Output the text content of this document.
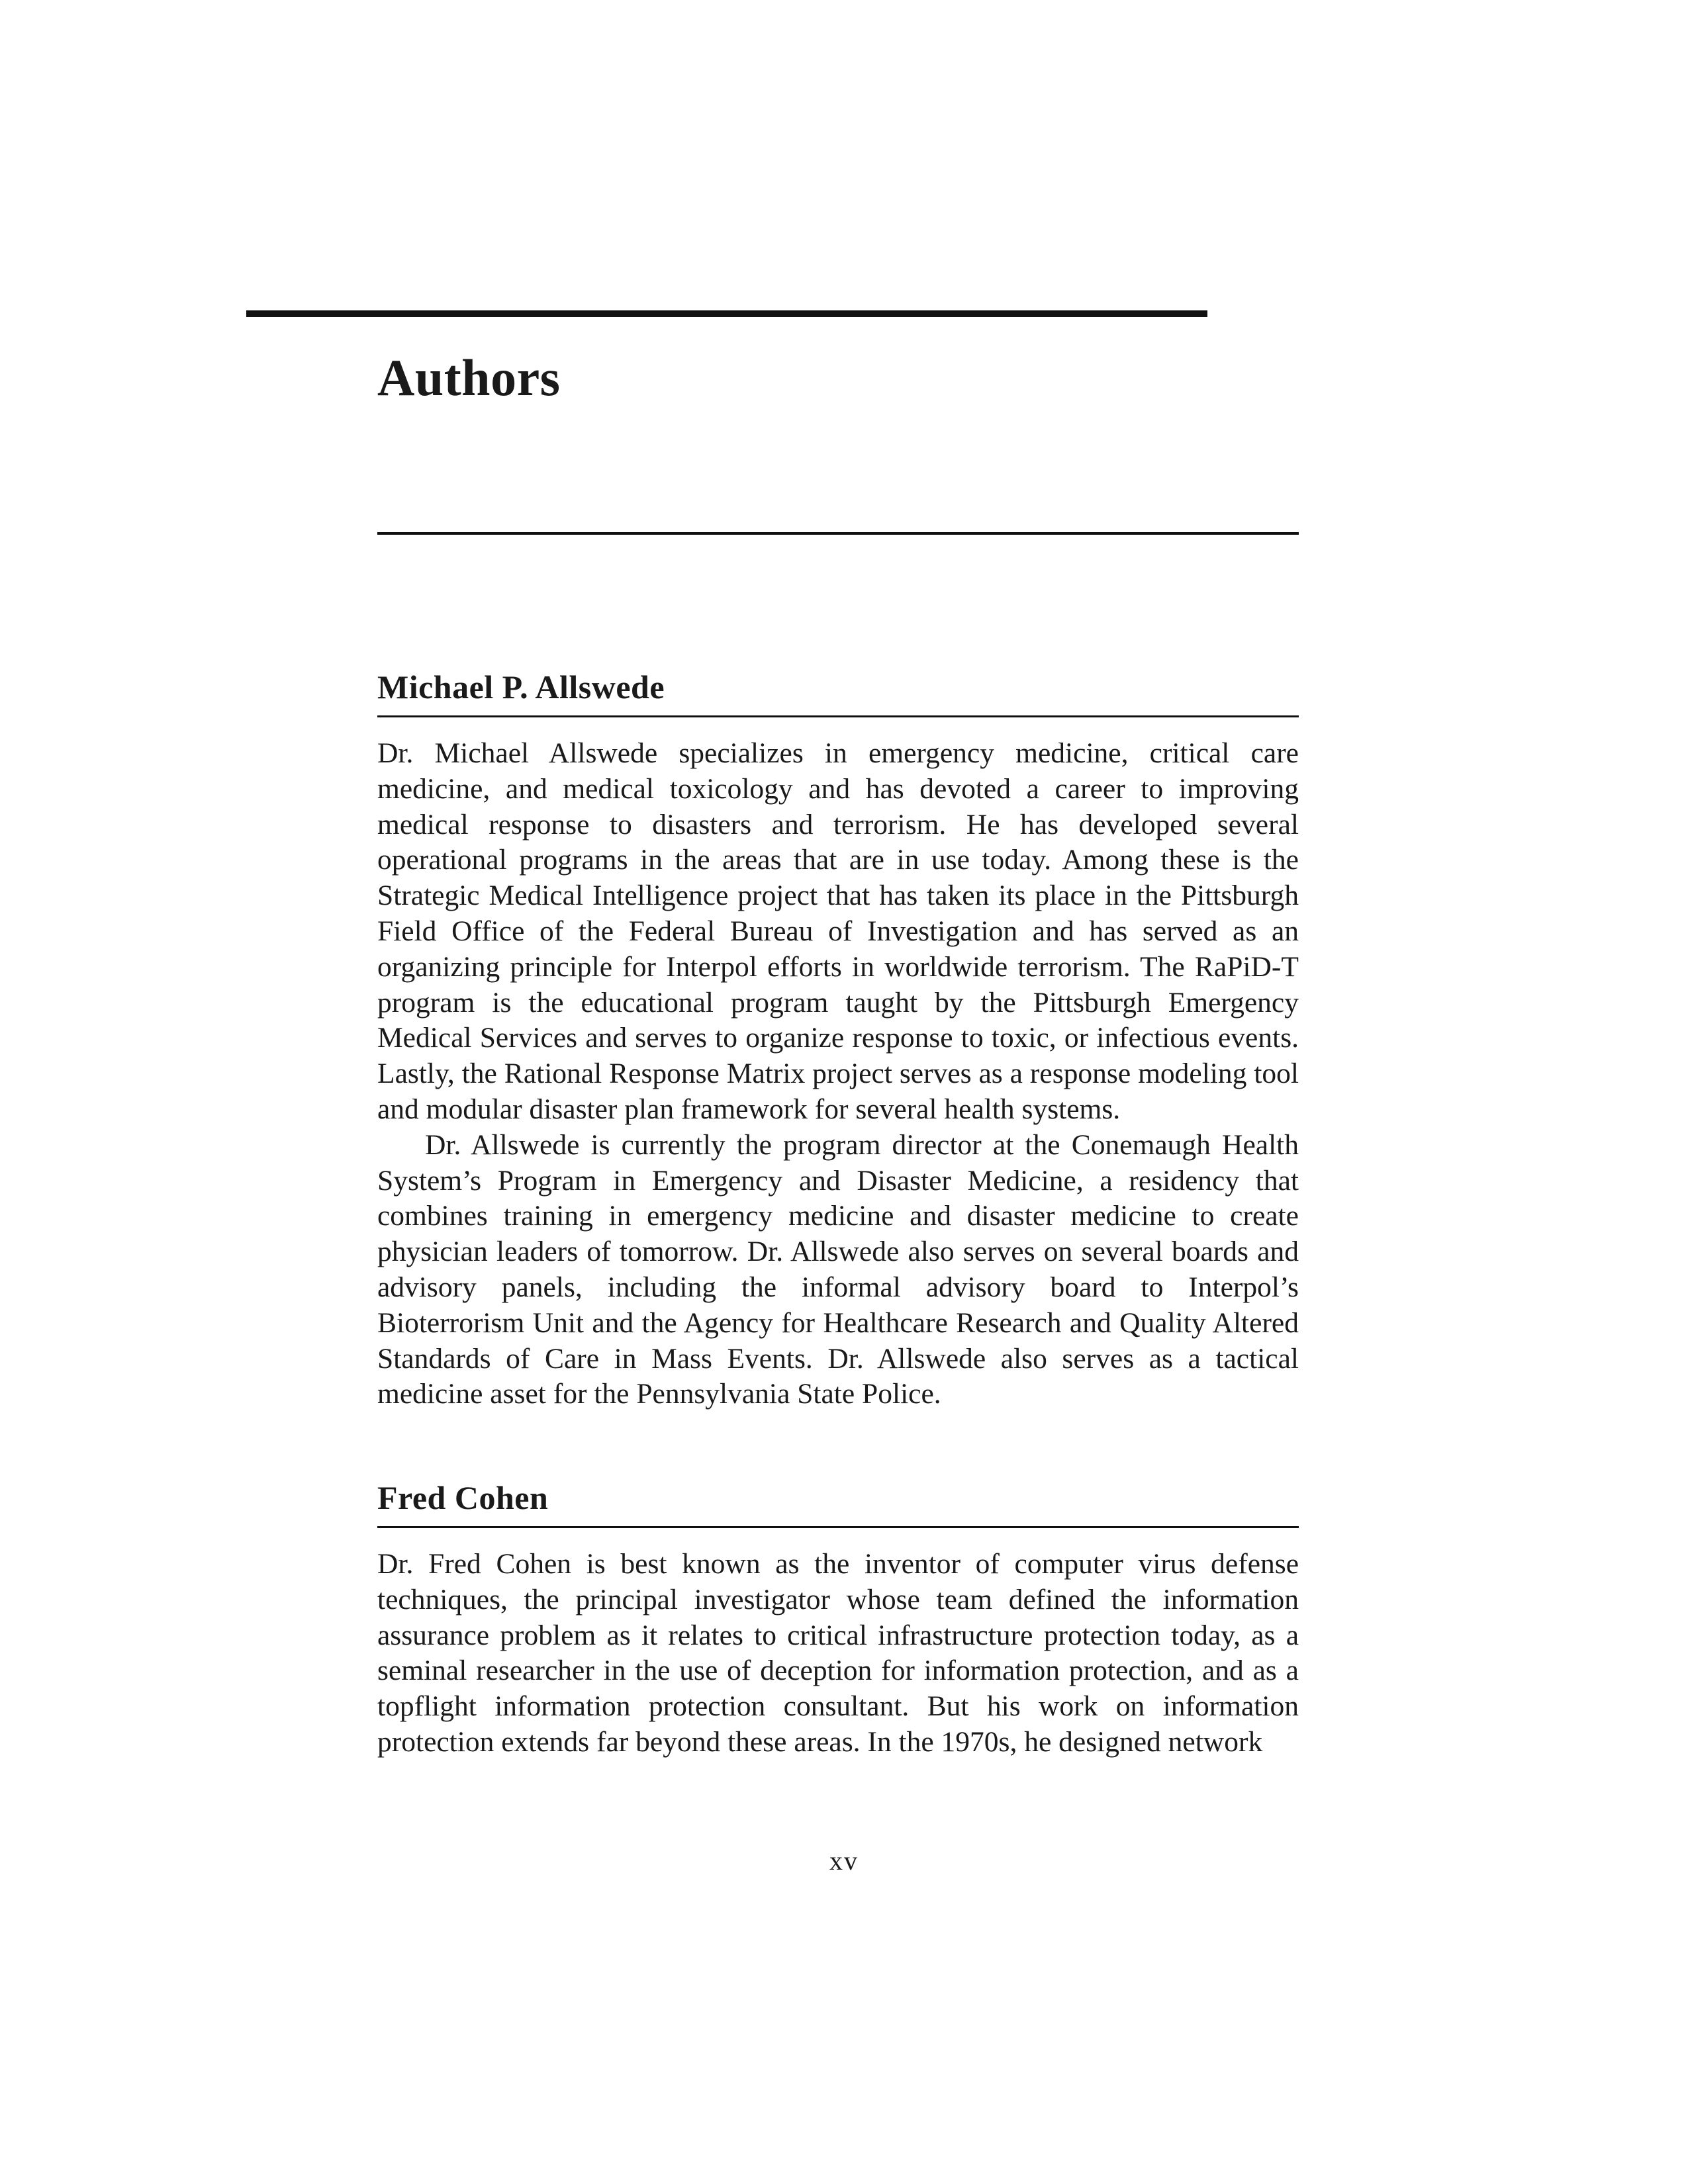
Authors
Michael P. Allswede

Dr. Michael Allswede specializes in emergency medicine, critical care medicine, and medical toxicology and has devoted a career to improving medical response to disasters and terrorism. He has developed several operational programs in the areas that are in use today. Among these is the Strategic Medical Intelligence project that has taken its place in the Pittsburgh Field Office of the Federal Bureau of Investigation and has served as an organizing principle for Interpol efforts in worldwide terrorism. The RaPiD-T program is the educational program taught by the Pittsburgh Emergency Medical Services and serves to organize response to toxic, or infectious events. Lastly, the Rational Response Matrix project serves as a response modeling tool and modular disaster plan framework for several health systems.

Dr. Allswede is currently the program director at the Conemaugh Health System’s Program in Emergency and Disaster Medicine, a residency that combines training in emergency medicine and disaster medicine to create physician leaders of tomorrow. Dr. Allswede also serves on several boards and advisory panels, including the informal advisory board to Interpol’s Bioterrorism Unit and the Agency for Healthcare Research and Quality Altered Standards of Care in Mass Events. Dr. Allswede also serves as a tactical medicine asset for the Pennsylvania State Police.

Fred Cohen

Dr. Fred Cohen is best known as the inventor of computer virus defense techniques, the principal investigator whose team defined the information assurance problem as it relates to critical infrastructure protection today, as a seminal researcher in the use of deception for information protection, and as a topflight information protection consultant. But his work on information protection extends far beyond these areas. In the 1970s, he designed network

xv
